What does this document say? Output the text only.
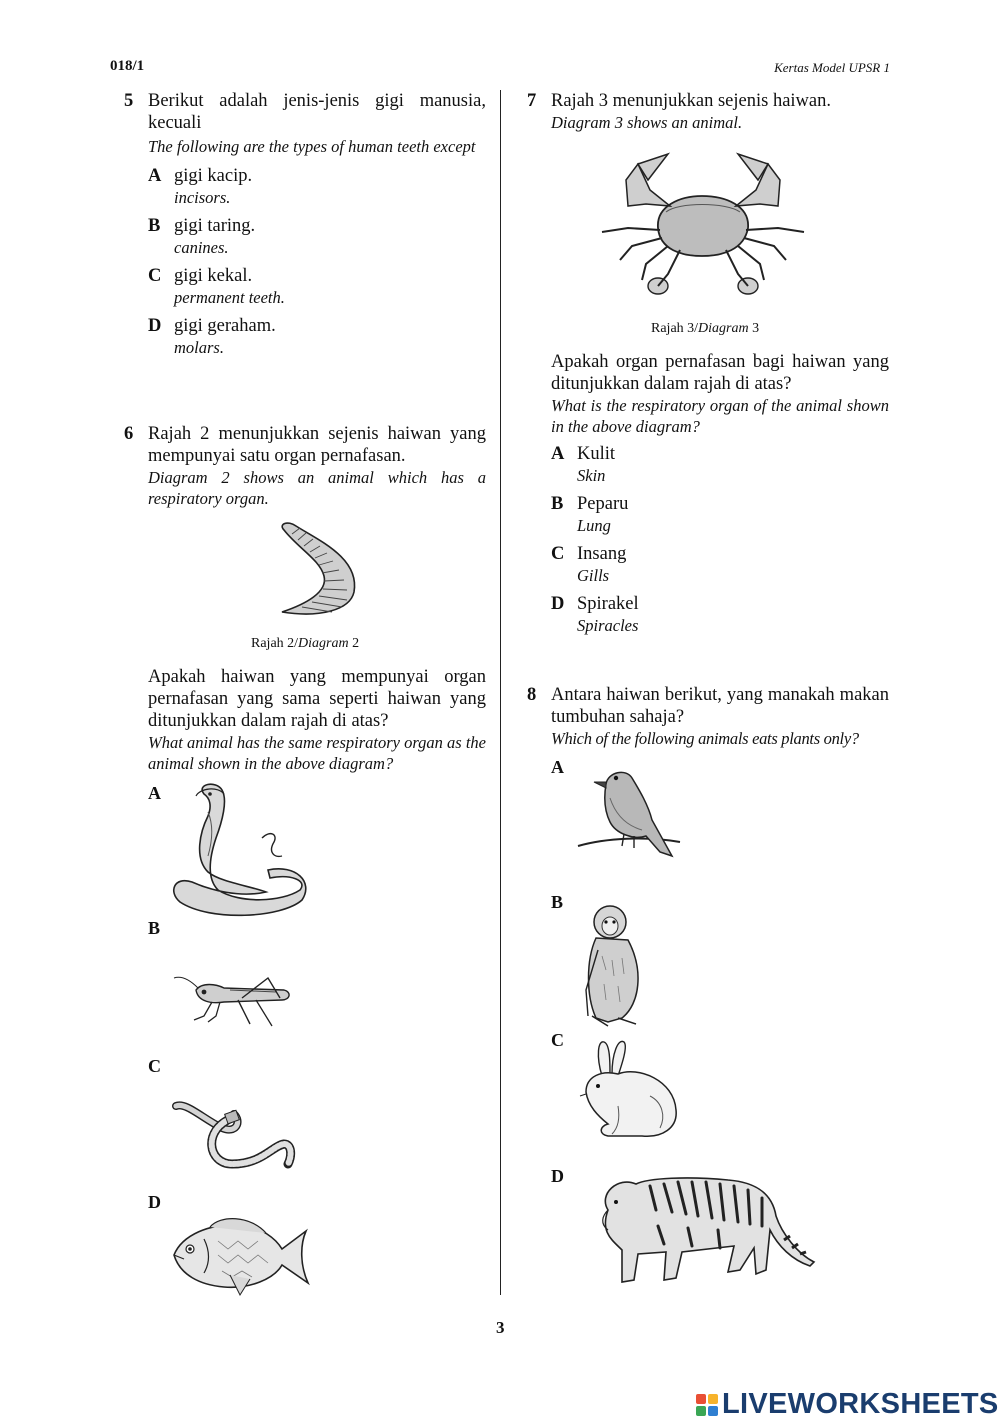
018/1	Kertas Model UPSR 1
5 Berikut adalah jenis-jenis gigi manusia, kecuali
The following are the types of human teeth except
A gigi kacip.
incisors.
B gigi taring.
canines.
C gigi kekal.
permanent teeth.
D gigi geraham.
molars.
6 Rajah 2 menunjukkan sejenis haiwan yang mempunyai satu organ pernafasan.
Diagram 2 shows an animal which has a respiratory organ.
Rajah 2/Diagram 2
Apakah haiwan yang mempunyai organ pernafasan yang sama seperti haiwan yang ditunjukkan dalam rajah di atas?
What animal has the same respiratory organ as the animal shown in the above diagram?
A
B
C
D
7 Rajah 3 menunjukkan sejenis haiwan.
Diagram 3 shows an animal.
Rajah 3/Diagram 3
Apakah organ pernafasan bagi haiwan yang ditunjukkan dalam rajah di atas?
What is the respiratory organ of the animal shown in the above diagram?
A Kulit
Skin
B Peparu
Lung
C Insang
Gills
D Spirakel
Spiracles
8 Antara haiwan berikut, yang manakah makan tumbuhan sahaja?
Which of the following animals eats plants only?
A
B
C
D
3
LIVEWORKSHEETS
